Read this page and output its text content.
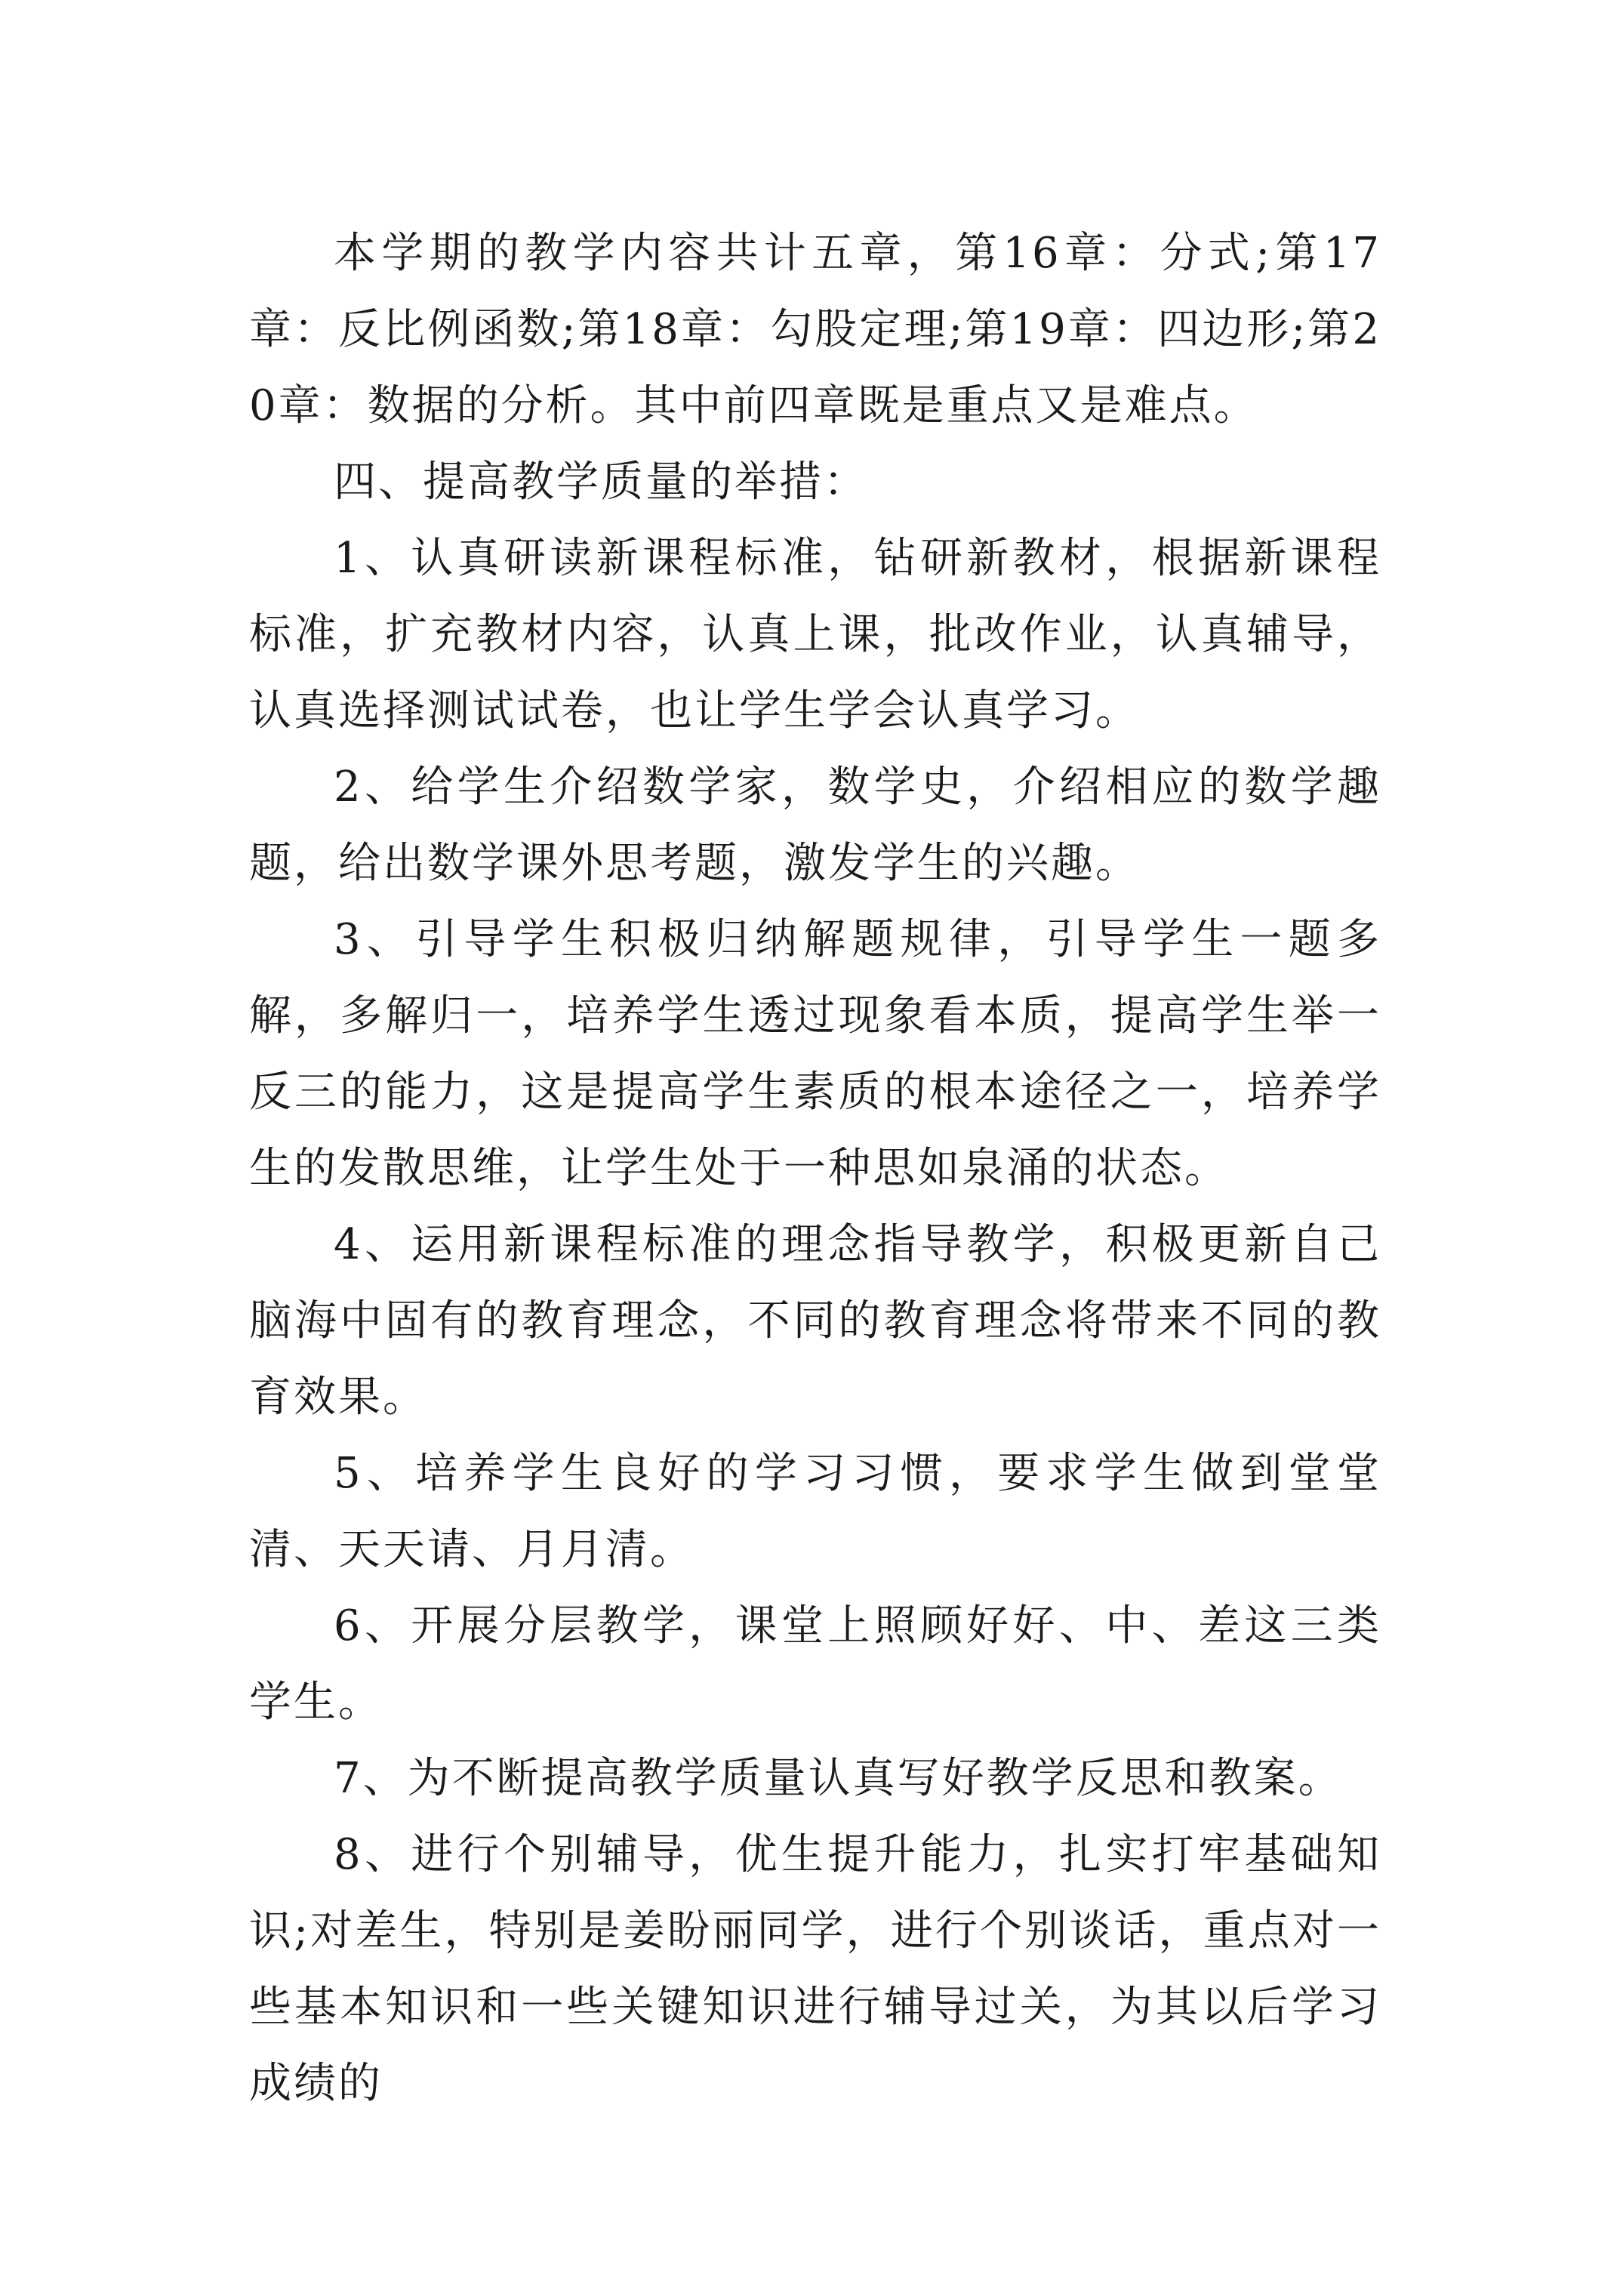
本学期的教学内容共计五章，第16章：分式;第17章：反比例函数;第18章：勾股定理;第19章：四边形;第20章：数据的分析。其中前四章既是重点又是难点。

四、提高教学质量的举措：

1、认真研读新课程标准，钻研新教材，根据新课程标准，扩充教材内容，认真上课，批改作业，认真辅导，认真选择测试试卷，也让学生学会认真学习。

2、给学生介绍数学家，数学史，介绍相应的数学趣题，给出数学课外思考题，激发学生的兴趣。

3、引导学生积极归纳解题规律，引导学生一题多解，多解归一，培养学生透过现象看本质，提高学生举一反三的能力，这是提高学生素质的根本途径之一，培养学生的发散思维，让学生处于一种思如泉涌的状态。

4、运用新课程标准的理念指导教学，积极更新自己脑海中固有的教育理念，不同的教育理念将带来不同的教育效果。

5、培养学生良好的学习习惯，要求学生做到堂堂清、天天请、月月清。

6、开展分层教学，课堂上照顾好好、中、差这三类学生。

7、为不断提高教学质量认真写好教学反思和教案。

8、进行个别辅导，优生提升能力，扎实打牢基础知识;对差生，特别是姜盼丽同学，进行个别谈话，重点对一些基本知识和一些关键知识进行辅导过关，为其以后学习成绩的
